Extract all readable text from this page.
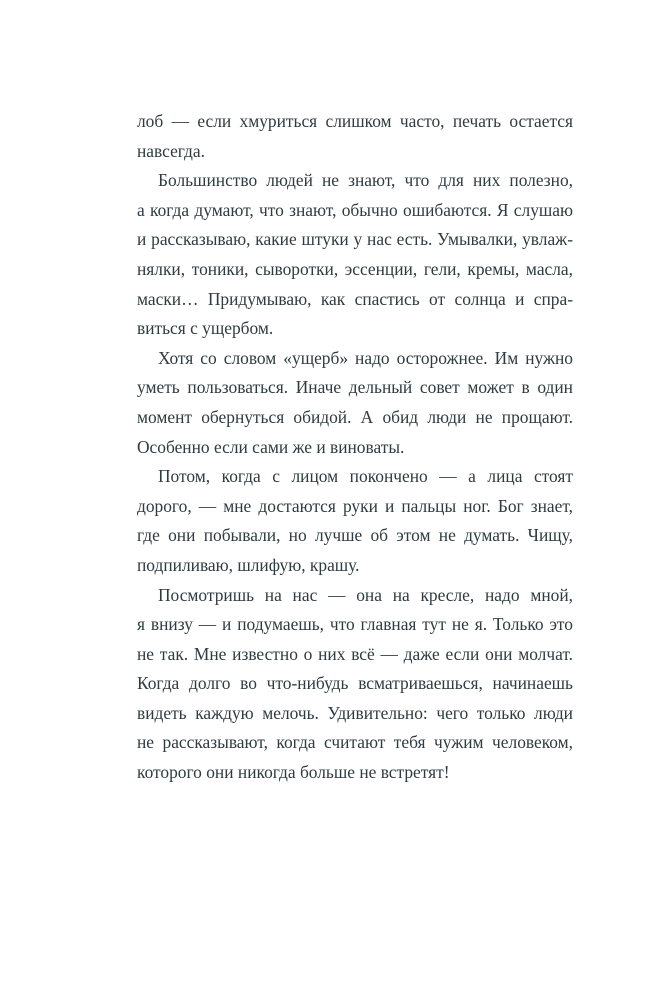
лоб — если хмуриться слишком часто, печать остается
навсегда.
Большинство людей не знают, что для них полезно,
а когда думают, что знают, обычно ошибаются. Я слушаю
и рассказываю, какие штуки у нас есть. Умывалки, увлаж-
нялки, тоники, сыворотки, эссенции, гели, кремы, масла,
маски… Придумываю, как спастись от солнца и спра-
виться с ущербом.
Хотя со словом «ущерб» надо осторожнее. Им нужно
уметь пользоваться. Иначе дельный совет может в один
момент обернуться обидой. А обид люди не прощают.
Особенно если сами же и виноваты.
Потом, когда с лицом покончено — а лица стоят
дорого, — мне достаются руки и пальцы ног. Бог знает,
где они побывали, но лучше об этом не думать. Чищу,
подпиливаю, шлифую, крашу.
Посмотришь на нас — она на кресле, надо мной,
я внизу — и подумаешь, что главная тут не я. Только это
не так. Мне известно о них всё — даже если они молчат.
Когда долго во что-нибудь всматриваешься, начинаешь
видеть каждую мелочь. Удивительно: чего только люди
не рассказывают, когда считают тебя чужим человеком,
которого они никогда больше не встретят!
